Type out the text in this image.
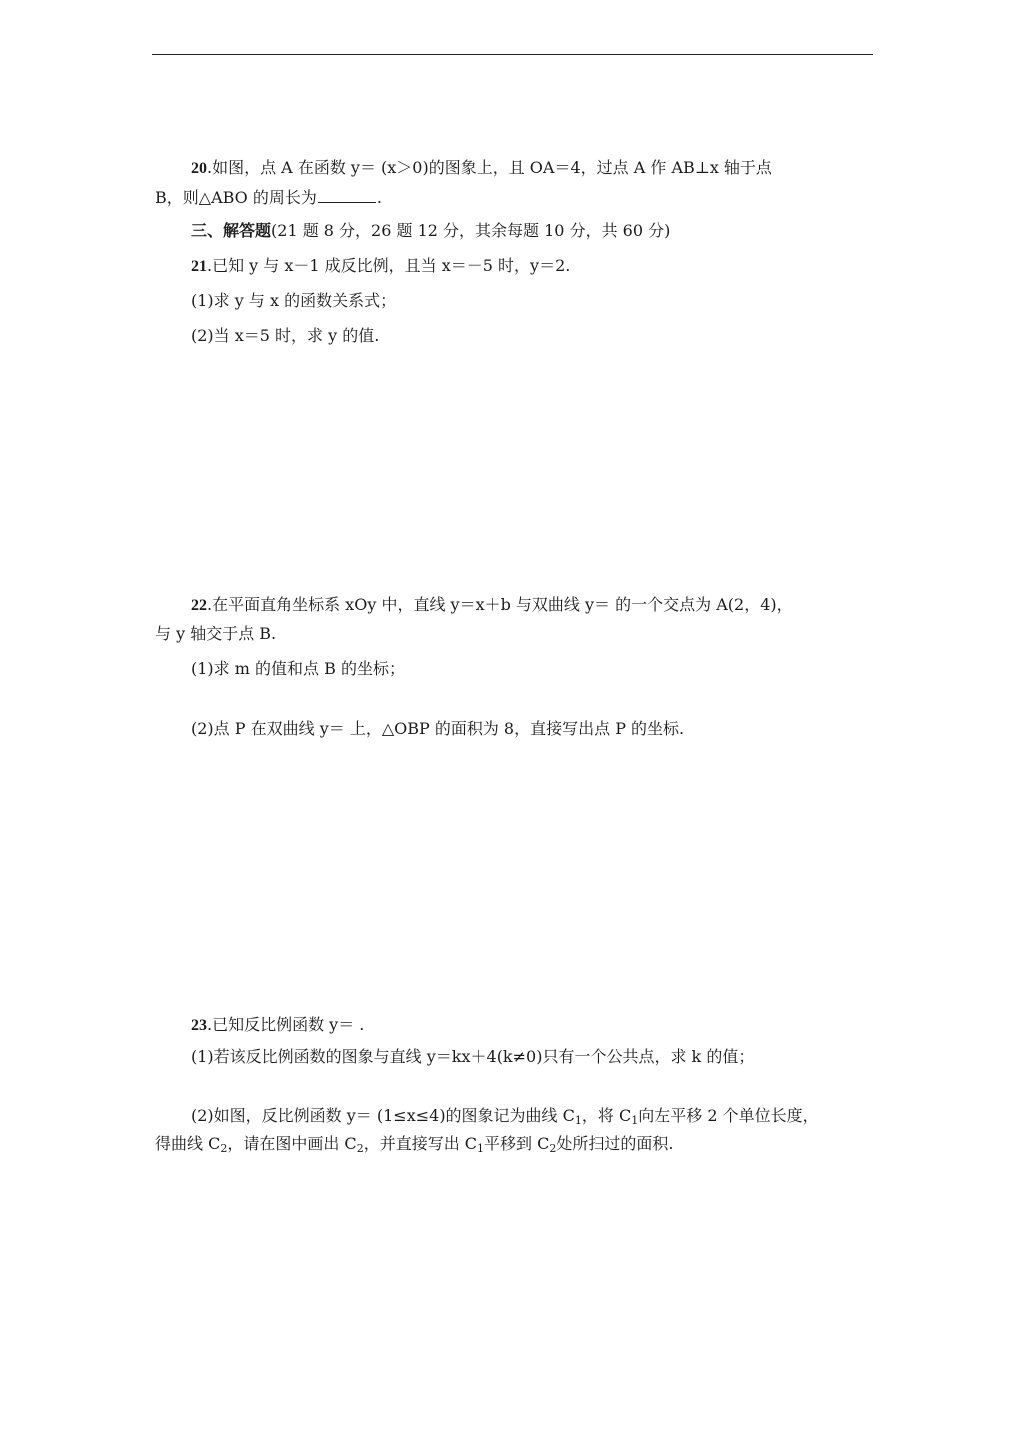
20.如图，点 A 在函数 y＝ (x＞0)的图象上，且 OA＝4，过点 A 作 AB⊥x 轴于点
B，则△ABO 的周长为	.
三、解答题(21 题 8 分，26 题 12 分，其余每题 10 分，共 60 分)
21.已知 y 与 x－1 成反比例，且当 x＝－5 时，y＝2.
(1)求 y 与 x 的函数关系式；
(2)当 x＝5 时，求 y 的值.
22.在平面直角坐标系 xOy 中，直线 y＝x＋b 与双曲线 y＝ 的一个交点为 A(2，4)，
与 y 轴交于点 B.
(1)求 m 的值和点 B 的坐标；
(2)点 P 在双曲线 y＝ 上，△OBP 的面积为 8，直接写出点 P 的坐标.
23.已知反比例函数 y＝ .
(1)若该反比例函数的图象与直线 y＝kx＋4(k≠0)只有一个公共点，求 k 的值；
(2)如图，反比例函数 y＝ (1≤x≤4)的图象记为曲线 $C_1$，将 $C_1$向左平移 2 个单位长度，
得曲线 $C_2$，请在图中画出 $C_2$，并直接写出 $C_1$平移到 $C_2$处所扫过的面积.
